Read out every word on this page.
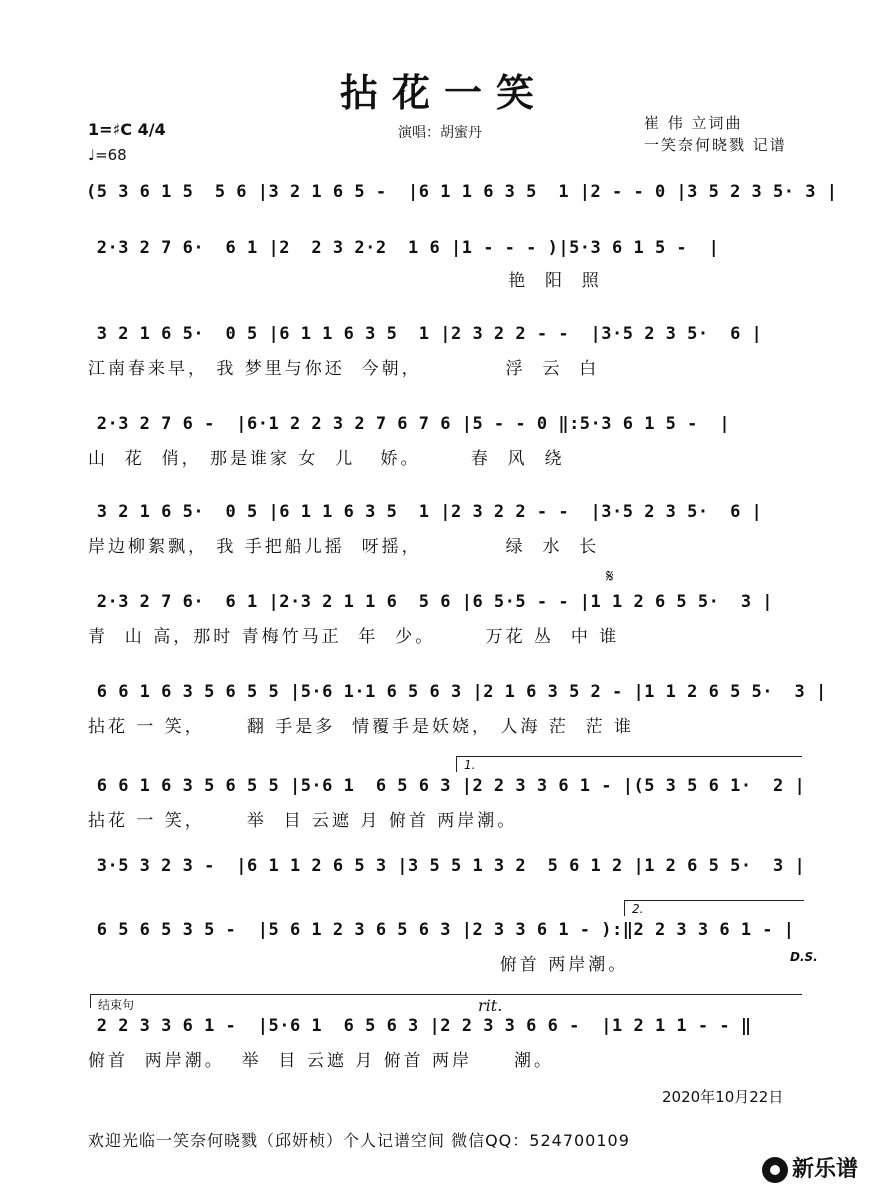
拈花一笑
1=♯C 4/4
♩=68
演唱：胡蜜丹
崔 伟 立词曲
一笑奈何晓戮 记谱
(5 3 6 1 5  5 6 |3 2 1 6 5 -  |6 1 1 6 3 5  1 |2 - - 0 |3 5 2 3 5· 3 |
2·3 2 7 6·  6 1 |2  2 3 2·2  1 6 |1 - - - )|5·3 6 1 5 -  |
艳  阳  照
3 2 1 6 5·  0 5 |6 1 1 6 3 5  1 |2 3 2 2 - -  |3·5 2 3 5·  6 |
江南春来早， 我 梦里与你还  今朝，          浮  云  白
2·3 2 7 6 -  |6·1 2 2 3 2 7 6 7 6 |5 - - 0 ‖:5·3 6 1 5 -  |
山  花  俏， 那是谁家 女  儿   娇。      春  风  绕
3 2 1 6 5·  0 5 |6 1 1 6 3 5  1 |2 3 2 2 - -  |3·5 2 3 5·  6 |
岸边柳絮飘， 我 手把船儿摇  呀摇，          绿  水  长
𝄋
2·3 2 7 6·  6 1 |2·3 2 1 1 6  5 6 |6 5·5 - - |1 1 2 6 5 5·  3 |
青  山 高，那时 青梅竹马正  年  少。      万花 丛  中 谁
6 6 1 6 3 5 6 5 5 |5·6 1·1 6 5 6 3 |2 1 6 3 5 2 - |1 1 2 6 5 5·  3 |
拈花 一 笑，     翻 手是多  情覆手是妖娆， 人海 茫  茫 谁
1.
6 6 1 6 3 5 6 5 5 |5·6 1  6 5 6 3 |2 2 3 3 6 1 - |(5 3 5 6 1·  2 |
拈花 一 笑，     举  目 云遮 月 俯首 两岸潮。
3·5 3 2 3 -  |6 1 1 2 6 5 3 |3 5 5 1 3 2  5 6 1 2 |1 2 6 5 5·  3 |
2.
6 5 6 5 3 5 -  |5 6 1 2 3 6 5 6 3 |2 3 3 6 1 - ):‖2 2 3 3 6 1 - |
俯首 两岸潮。	D.S.
结束句	rit.
2 2 3 3 6 1 -  |5·6 1  6 5 6 3 |2 2 3 3 6 6 -  |1 2 1 1 - - ‖
俯首  两岸潮。  举  目 云遮 月 俯首 两岸     潮。
2020年10月22日
欢迎光临一笑奈何晓戮（邱妍桢）个人记谱空间 微信QQ：524700109
新乐谱
